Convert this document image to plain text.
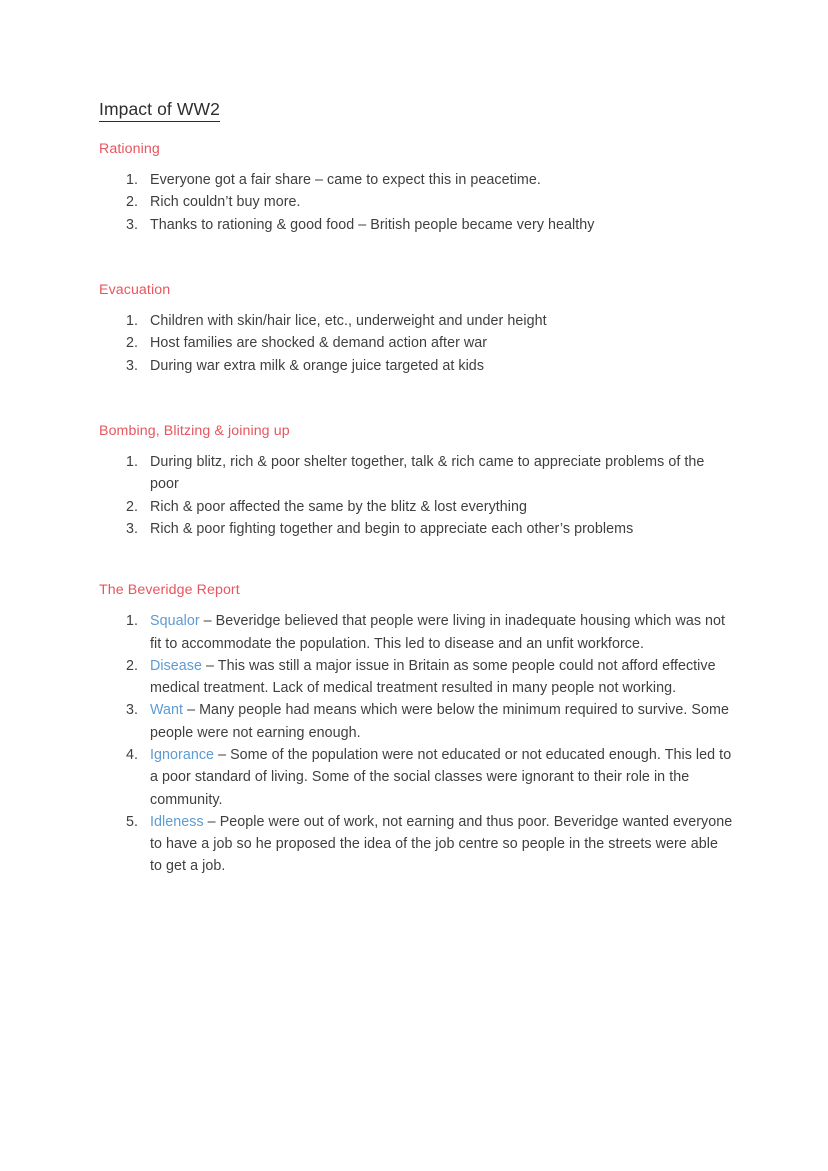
Impact of WW2
Rationing
1. Everyone got a fair share – came to expect this in peacetime.
2. Rich couldn’t buy more.
3. Thanks to rationing & good food – British people became very healthy
Evacuation
1. Children with skin/hair lice, etc., underweight and under height
2. Host families are shocked & demand action after war
3. During war extra milk & orange juice targeted at kids
Bombing, Blitzing & joining up
1. During blitz, rich & poor shelter together, talk & rich came to appreciate problems of the poor
2. Rich & poor affected the same by the blitz & lost everything
3. Rich & poor fighting together and begin to appreciate each other’s problems
The Beveridge Report
1. Squalor – Beveridge believed that people were living in inadequate housing which was not fit to accommodate the population. This led to disease and an unfit workforce.
2. Disease – This was still a major issue in Britain as some people could not afford effective medical treatment. Lack of medical treatment resulted in many people not working.
3. Want – Many people had means which were below the minimum required to survive. Some people were not earning enough.
4. Ignorance – Some of the population were not educated or not educated enough. This led to a poor standard of living. Some of the social classes were ignorant to their role in the community.
5. Idleness – People were out of work, not earning and thus poor. Beveridge wanted everyone to have a job so he proposed the idea of the job centre so people in the streets were able to get a job.
